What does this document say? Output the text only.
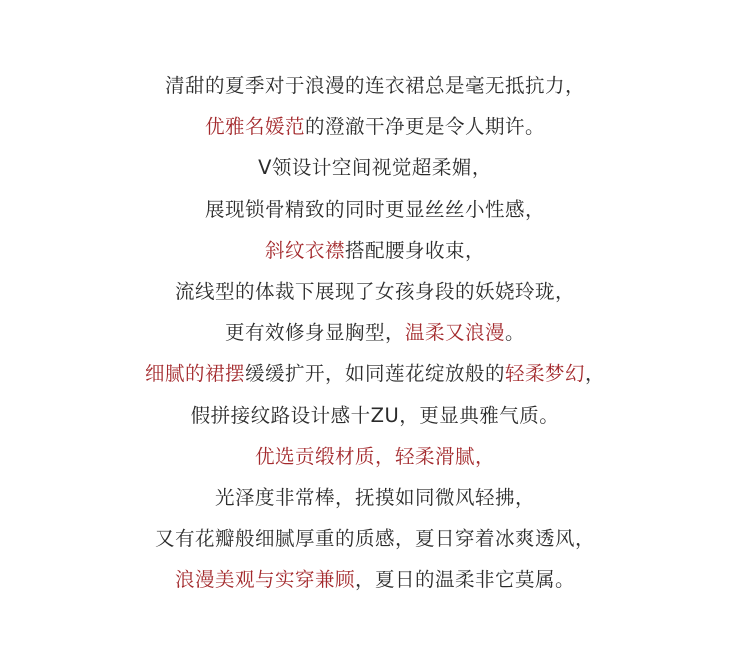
清甜的夏季对于浪漫的连衣裙总是毫无抵抗力，
优雅名媛范的澄澈干净更是令人期许。
V领设计空间视觉超柔媚，
展现锁骨精致的同时更显丝丝小性感，
斜纹衣襟搭配腰身收束，
流线型的体裁下展现了女孩身段的妖娆玲珑，
更有效修身显胸型，温柔又浪漫。
细腻的裙摆缓缓扩开，如同莲花绽放般的轻柔梦幻，
假拼接纹路设计感十ZU，更显典雅气质。
优选贡缎材质，轻柔滑腻，
光泽度非常棒，抚摸如同微风轻拂，
又有花瓣般细腻厚重的质感，夏日穿着冰爽透风，
浪漫美观与实穿兼顾，夏日的温柔非它莫属。
